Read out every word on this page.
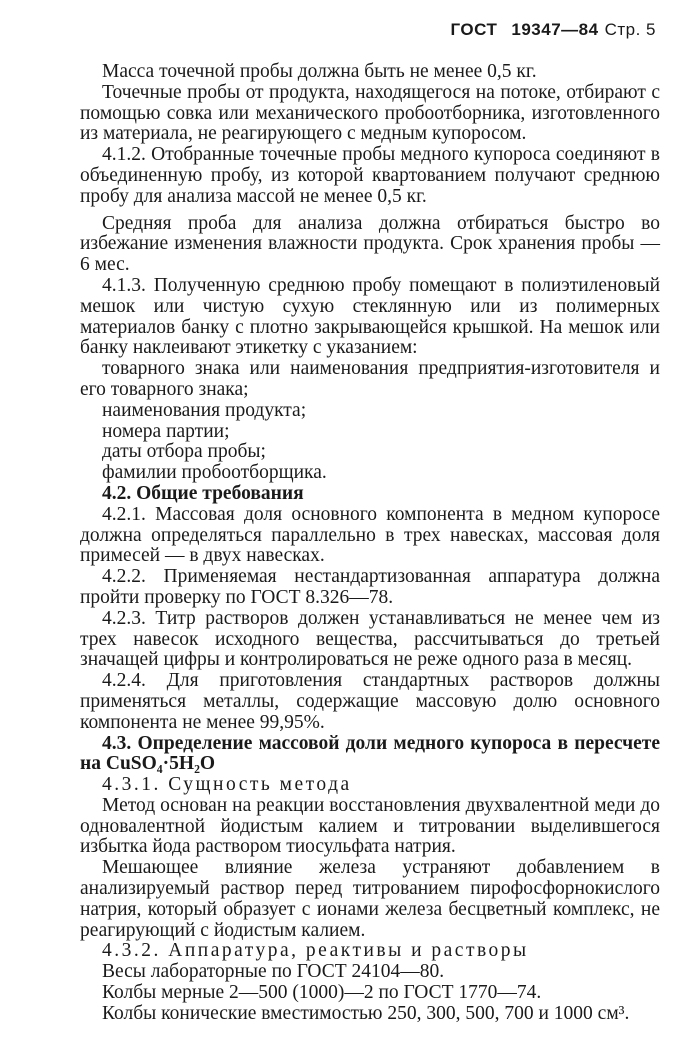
ГОСТ 19347—84 Стр. 5

Масса точечной пробы должна быть не менее 0,5 кг.

Точечные пробы от продукта, находящегося на потоке, отбирают с помощью совка или механического пробоотборника, изготовленного из материала, не реагирующего с медным купоросом.

4.1.2. Отобранные точечные пробы медного купороса соединяют в объединенную пробу, из которой квартованием получают среднюю пробу для анализа массой не менее 0,5 кг.

Средняя проба для анализа должна отбираться быстро во избежание изменения влажности продукта. Срок хранения пробы — 6 мес.

4.1.3. Полученную среднюю пробу помещают в полиэтиленовый мешок или чистую сухую стеклянную или из полимерных материалов банку с плотно закрывающейся крышкой. На мешок или банку наклеивают этикетку с указанием:

товарного знака или наименования предприятия-изготовителя и его товарного знака;

наименования продукта;

номера партии;

даты отбора пробы;

фамилии пробоотборщика.

4.2. Общие требования

4.2.1. Массовая доля основного компонента в медном купоросе должна определяться параллельно в трех навесках, массовая доля примесей — в двух навесках.

4.2.2. Применяемая нестандартизованная аппаратура должна пройти проверку по ГОСТ 8.326—78.

4.2.3. Титр растворов должен устанавливаться не менее чем из трех навесок исходного вещества, рассчитываться до третьей значащей цифры и контролироваться не реже одного раза в месяц.

4.2.4. Для приготовления стандартных растворов должны применяться металлы, содержащие массовую долю основного компонента не менее 99,95%.

4.3. Определение массовой доли медного купороса в пересчете на CuSO₄·5H₂O

4.3.1. Сущность метода

Метод основан на реакции восстановления двухвалентной меди до одновалентной йодистым калием и титровании выделившегося избытка йода раствором тиосульфата натрия.

Мешающее влияние железа устраняют добавлением в анализируемый раствор перед титрованием пирофосфорнокислого натрия, который образует с ионами железа бесцветный комплекс, не реагирующий с йодистым калием.

4.3.2. Аппаратура, реактивы и растворы

Весы лабораторные по ГОСТ 24104—80.

Колбы мерные 2—500 (1000)—2 по ГОСТ 1770—74.

Колбы конические вместимостью 250, 300, 500, 700 и 1000 см³.
